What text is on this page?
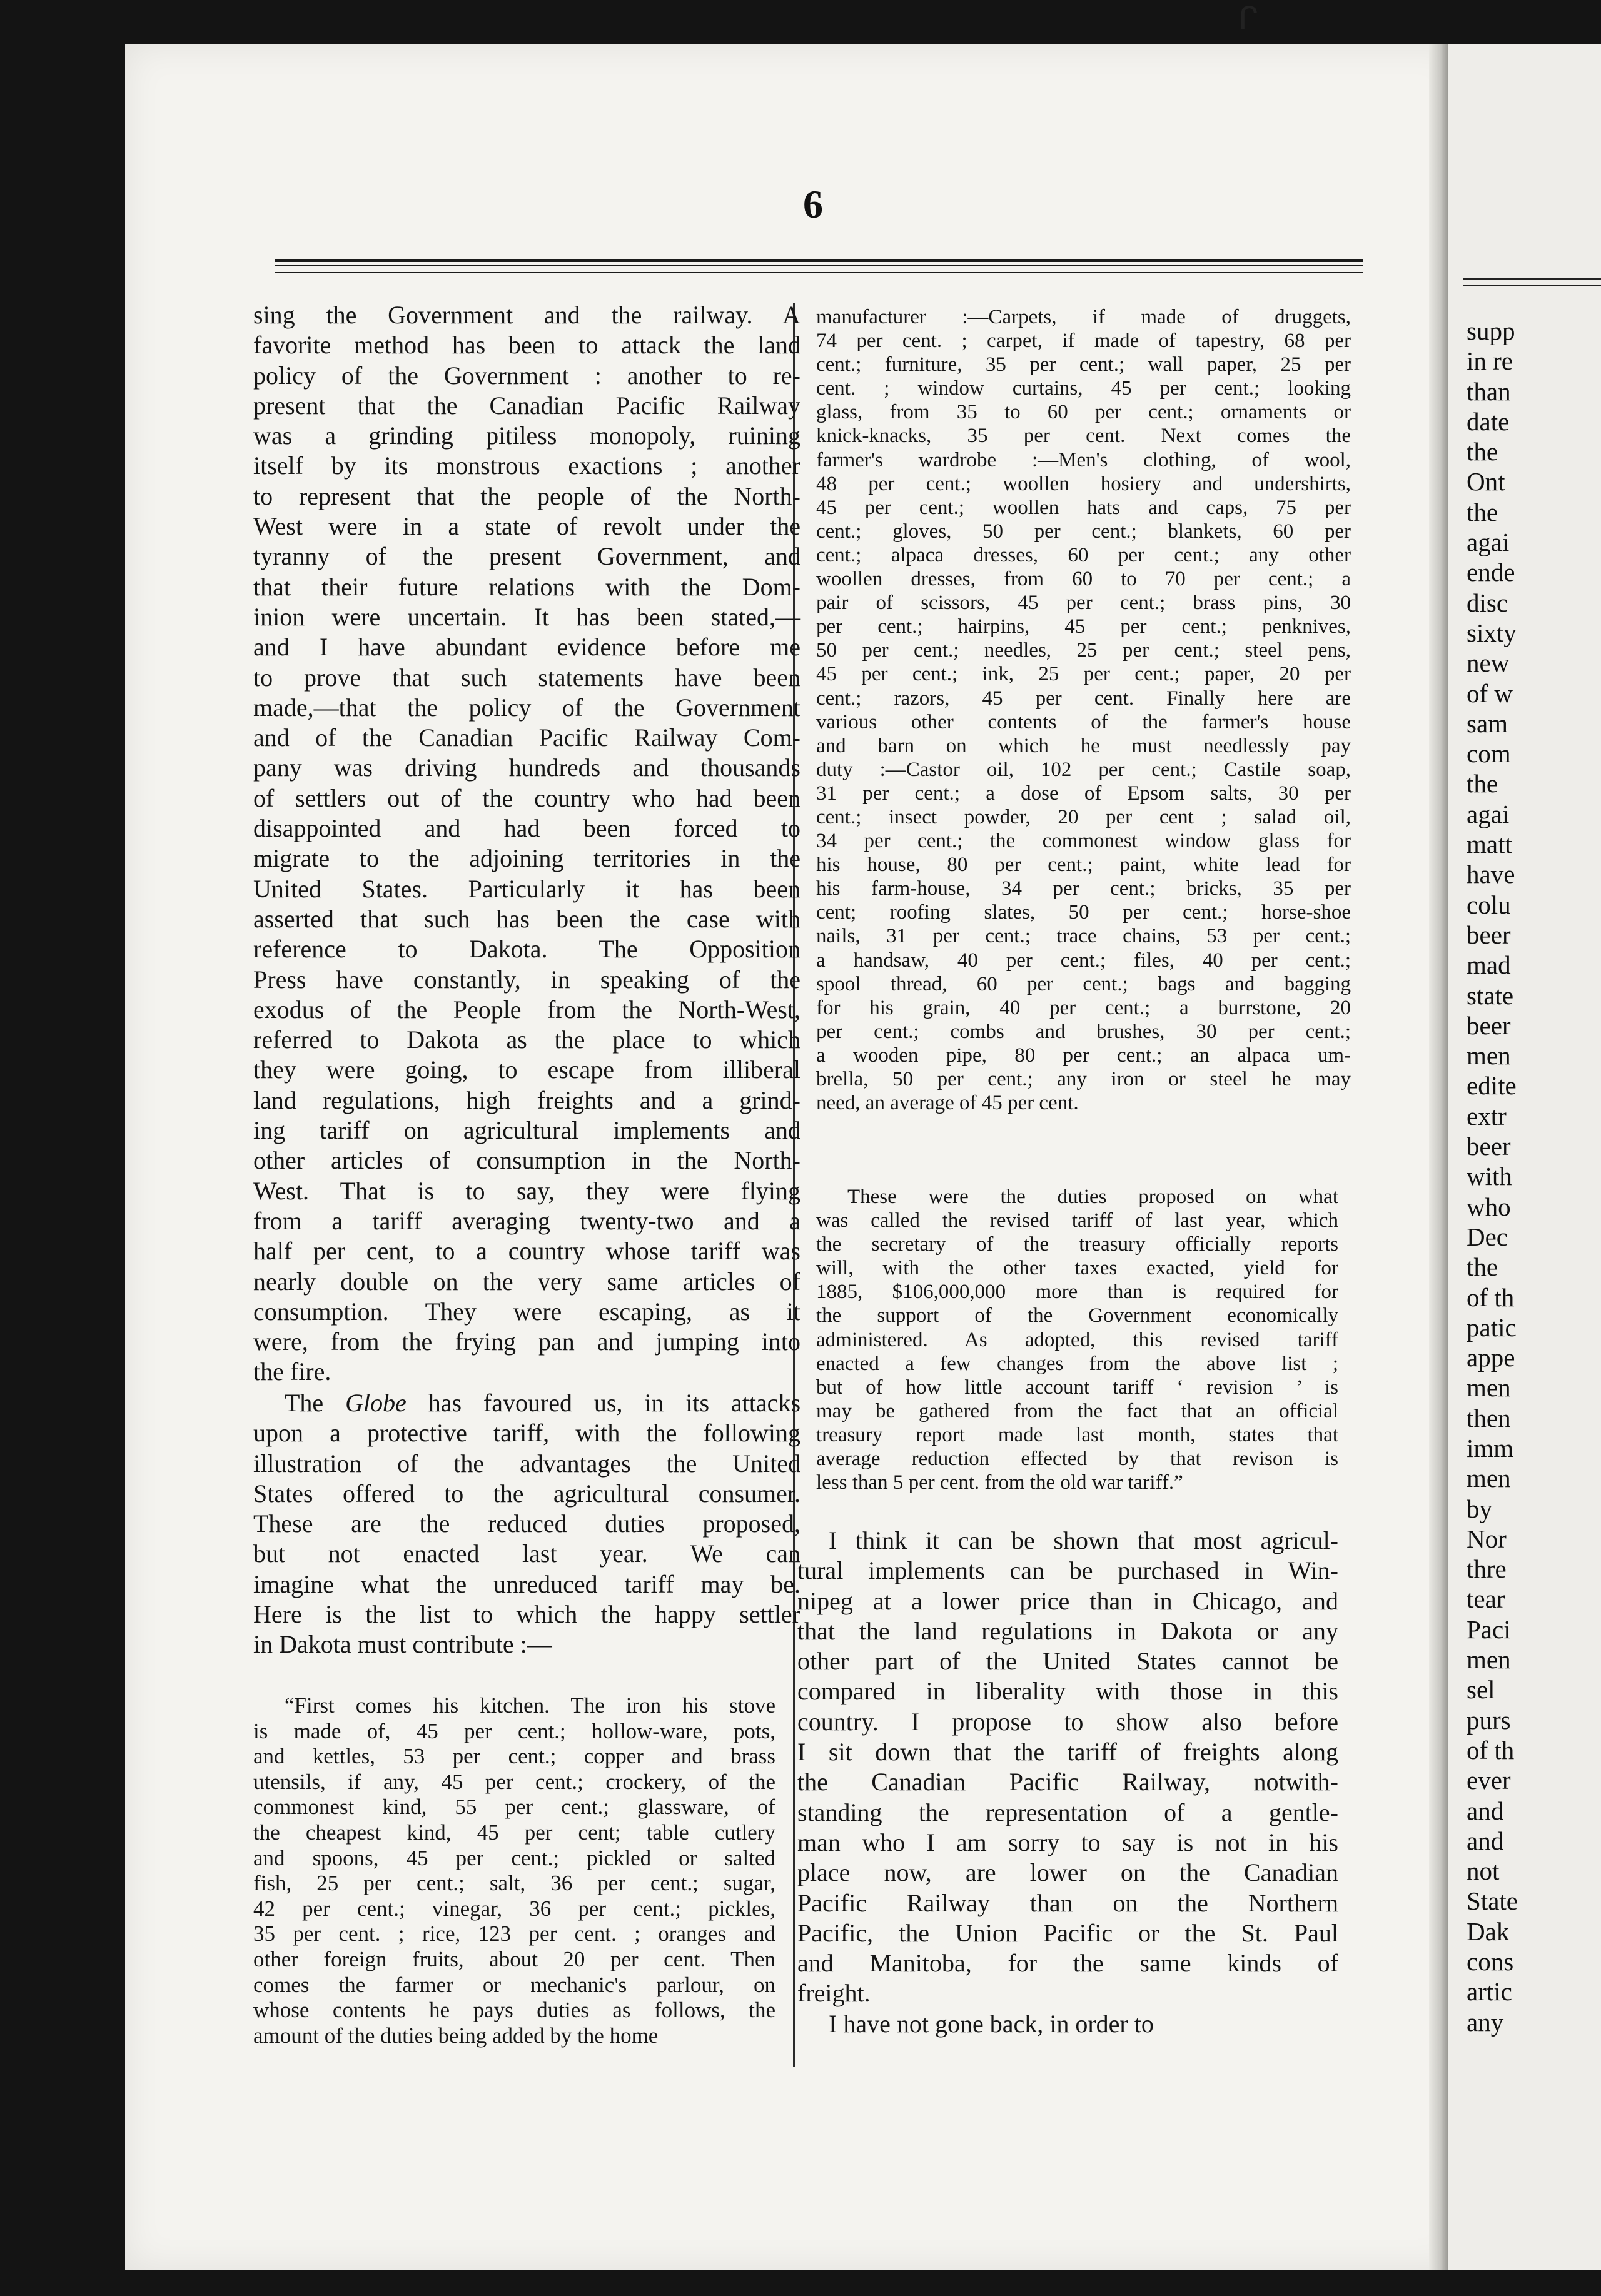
supp
in re
than
date
the
Ont
the
agai
ende
disc
sixty
new
of w
sam
com
the
agai
matt
have
colu
beer
mad
state
beer
men
edite
extr
beer
with
who
Dec
the
of th
patic
appe
men
then
imm
men
by
Nor
thre
tear
Paci
men
sel
purs
of th
ever
and
and
not
State
Dak
cons
artic
any
ᒋ
6
sing the Government and the railway. A
favorite method has been to attack the land
policy of the Government : another to re-
present that the Canadian Pacific Railway
was a grinding pitiless monopoly, ruining
itself by its monstrous exactions ; another
to represent that the people of the North-
West were in a state of revolt under the
tyranny of the present Government, and
that their future relations with the Dom-
inion were uncertain. It has been stated,—
and I have abundant evidence before me
to prove that such statements have been
made,—that the policy of the Government
and of the Canadian Pacific Railway Com-
pany was driving hundreds and thousands
of settlers out of the country who had been
disappointed and had been forced to
migrate to the adjoining territories in the
United States. Particularly it has been
asserted that such has been the case with
reference to Dakota. The Opposition
Press have constantly, in speaking of the
exodus of the People from the North-West,
referred to Dakota as the place to which
they were going, to escape from illiberal
land regulations, high freights and a grind-
ing tariff on agricultural implements and
other articles of consumption in the North-
West. That is to say, they were flying
from a tariff averaging twenty-two and a
half per cent, to a country whose tariff was
nearly double on the very same articles of
consumption. They were escaping, as it
were, from the frying pan and jumping into
the fire.
The Globe has favoured us, in its attacks
upon a protective tariff, with the following
illustration of the advantages the United
States offered to the agricultural consumer.
These are the reduced duties proposed,
but not enacted last year. We can
imagine what the unreduced tariff may be.
Here is the list to which the happy settler
in Dakota must contribute :—
“First comes his kitchen. The iron his stove
is made of, 45 per cent.; hollow-ware, pots,
and kettles, 53 per cent.; copper and brass
utensils, if any, 45 per cent.; crockery, of the
commonest kind, 55 per cent.; glassware, of
the cheapest kind, 45 per cent; table cutlery
and spoons, 45 per cent.; pickled or salted
fish, 25 per cent.; salt, 36 per cent.; sugar,
42 per cent.; vinegar, 36 per cent.; pickles,
35 per cent. ; rice, 123 per cent. ; oranges and
other foreign fruits, about 20 per cent. Then
comes the farmer or mechanic's parlour, on
whose contents he pays duties as follows, the
amount of the duties being added by the home
manufacturer :—Carpets, if made of druggets,
74 per cent. ; carpet, if made of tapestry, 68 per
cent.; furniture, 35 per cent.; wall paper, 25 per
cent. ; window curtains, 45 per cent.; looking
glass, from 35 to 60 per cent.; ornaments or
knick-knacks, 35 per cent. Next comes the
farmer's wardrobe :—Men's clothing, of wool,
48 per cent.; woollen hosiery and undershirts,
45 per cent.; woollen hats and caps, 75 per
cent.; gloves, 50 per cent.; blankets, 60 per
cent.; alpaca dresses, 60 per cent.; any other
woollen dresses, from 60 to 70 per cent.; a
pair of scissors, 45 per cent.; brass pins, 30
per cent.; hairpins, 45 per cent.; penknives,
50 per cent.; needles, 25 per cent.; steel pens,
45 per cent.; ink, 25 per cent.; paper, 20 per
cent.; razors, 45 per cent. Finally here are
various other contents of the farmer's house
and barn on which he must needlessly pay
duty :—Castor oil, 102 per cent.; Castile soap,
31 per cent.; a dose of Epsom salts, 30 per
cent.; insect powder, 20 per cent ; salad oil,
34 per cent.; the commonest window glass for
his house, 80 per cent.; paint, white lead for
his farm-house, 34 per cent.; bricks, 35 per
cent; roofing slates, 50 per cent.; horse-shoe
nails, 31 per cent.; trace chains, 53 per cent.;
a handsaw, 40 per cent.; files, 40 per cent.;
spool thread, 60 per cent.; bags and bagging
for his grain, 40 per cent.; a burrstone, 20
per cent.; combs and brushes, 30 per cent.;
a wooden pipe, 80 per cent.; an alpaca um-
brella, 50 per cent.; any iron or steel he may
need, an average of 45 per cent.
These were the duties proposed on what
was called the revised tariff of last year, which
the secretary of the treasury officially reports
will, with the other taxes exacted, yield for
1885, $106,000,000 more than is required for
the support of the Government economically
administered. As adopted, this revised tariff
enacted a few changes from the above list ;
but of how little account tariff ‘ revision ’ is
may be gathered from the fact that an official
treasury report made last month, states that
average reduction effected by that revison is
less than 5 per cent. from the old war tariff.”
I think it can be shown that most agricul-
tural implements can be purchased in Win-
nipeg at a lower price than in Chicago, and
that the land regulations in Dakota or any
other part of the United States cannot be
compared in liberality with those in this
country. I propose to show also before
I sit down that the tariff of freights along
the Canadian Pacific Railway, notwith-
standing the representation of a gentle-
man who I am sorry to say is not in his
place now, are lower on the Canadian
Pacific Railway than on the Northern
Pacific, the Union Pacific or the St. Paul
and Manitoba, for the same kinds of
freight.
I have not gone back, in order to
